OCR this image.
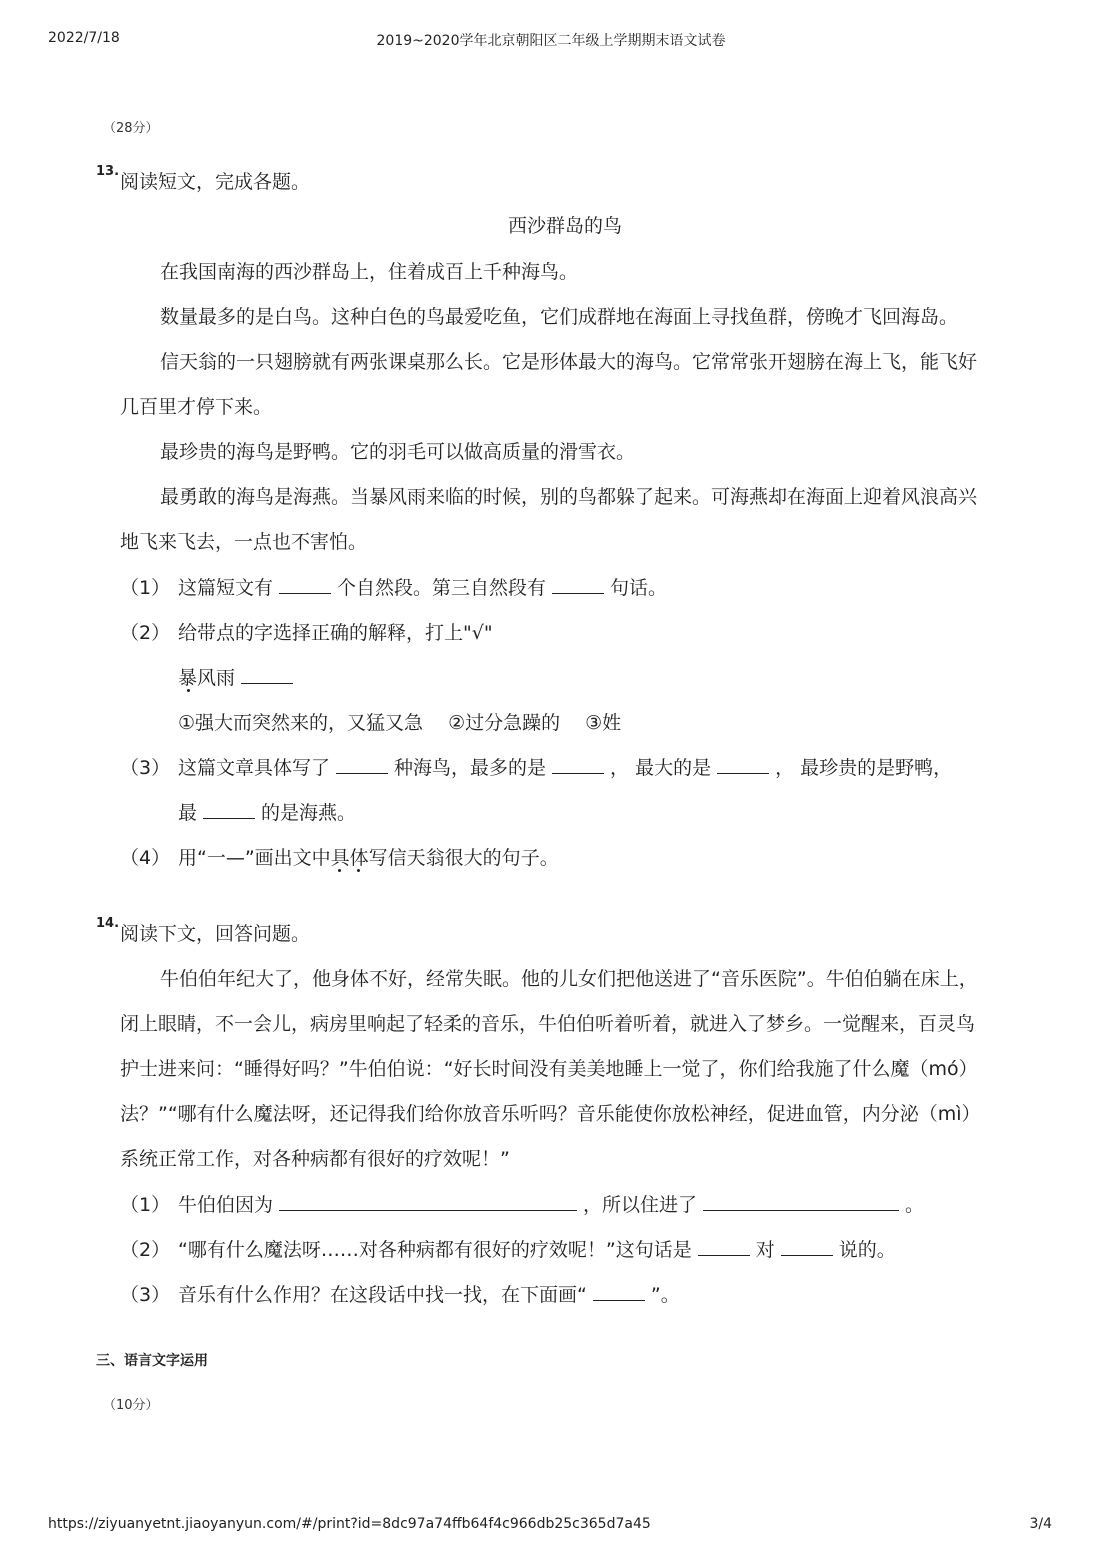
2022/7/18	2019~2020学年北京朝阳区二年级上学期期末语文试卷
（28分）
13. 阅读短文，完成各题。
西沙群岛的鸟
在我国南海的西沙群岛上，住着成百上千种海鸟。
数量最多的是白鸟。这种白色的鸟最爱吃鱼，它们成群地在海面上寻找鱼群，傍晚才飞回海岛。
信天翁的一只翅膀就有两张课桌那么长。它是形体最大的海鸟。它常常张开翅膀在海上飞，能飞好
几百里才停下来。
最珍贵的海鸟是野鸭。它的羽毛可以做高质量的滑雪衣。
最勇敢的海鸟是海燕。当暴风雨来临的时候，别的鸟都躲了起来。可海燕却在海面上迎着风浪高兴
地飞来飞去，一点也不害怕。
（1） 这篇短文有	个自然段。第三自然段有	句话。
（2） 给带点的字选择正确的解释，打上"√"
暴风雨
①强大而突然来的，又猛又急　 ②过分急躁的　 ③姓
（3） 这篇文章具体写了	种海鸟，最多的是	， 最大的是	， 最珍贵的是野鸭，
最	的是海燕。
（4） 用“一—”画出文中具体写信天翁很大的句子。
14. 阅读下文，回答问题。
牛伯伯年纪大了，他身体不好，经常失眠。他的儿女们把他送进了“音乐医院”。牛伯伯躺在床上，
闭上眼睛，不一会儿，病房里响起了轻柔的音乐，牛伯伯听着听着，就进入了梦乡。一觉醒来，百灵鸟
护士进来问：“睡得好吗？”牛伯伯说：“好长时间没有美美地睡上一觉了，你们给我施了什么魔（mó）
法？”“哪有什么魔法呀，还记得我们给你放音乐听吗？音乐能使你放松神经，促进血管，内分泌（mì）
系统正常工作，对各种病都有很好的疗效呢！”
（1） 牛伯伯因为	，所以住进了	。
（2） “哪有什么魔法呀……对各种病都有很好的疗效呢！”这句话是	对	说的。
（3） 音乐有什么作用？在这段话中找一找，在下面画“	”。
三、语言文字运用
（10分）
https://ziyuanyetnt.jiaoyanyun.com/#/print?id=8dc97a74ffb64f4c966db25c365d7a45	3/4
